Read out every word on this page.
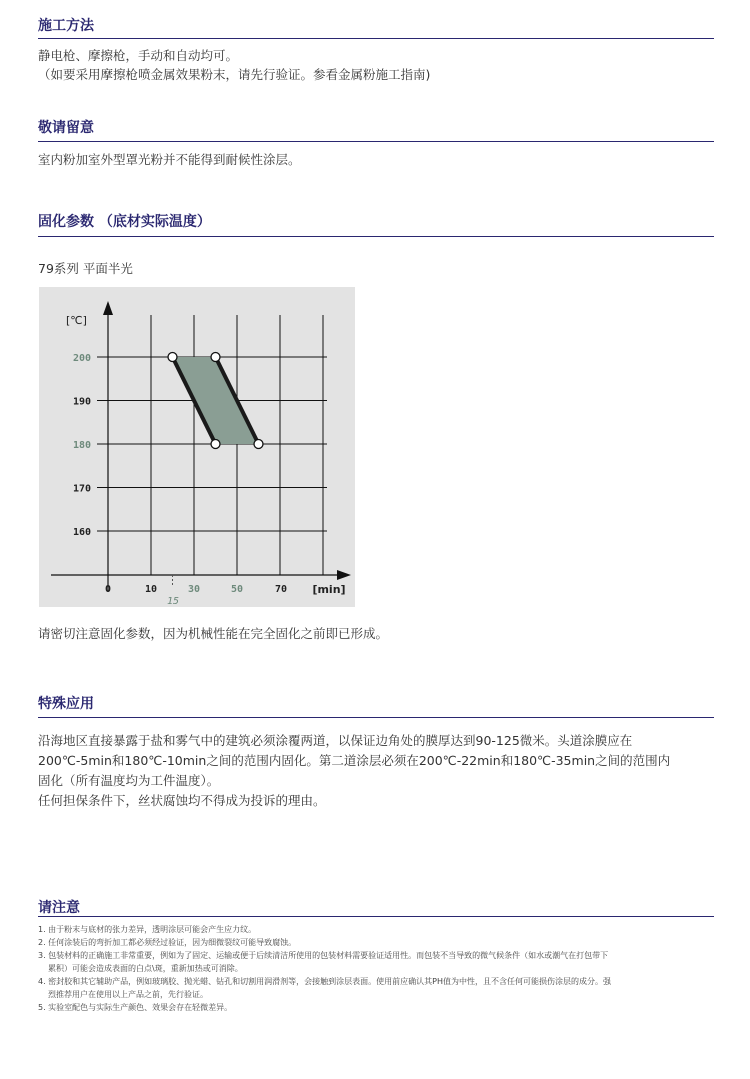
施工方法
静电枪、摩擦枪，手动和自动均可。
（如要采用摩擦枪喷金属效果粉末，请先行验证。参看金属粉施工指南)
敬请留意
室内粉加室外型罩光粉并不能得到耐候性涂层。
固化参数 （底材实际温度）
79系列 平面半光
160
170
180
190
200
[℃]
0	10
15
30	50	70 [min]
请密切注意固化参数，因为机械性能在完全固化之前即已形成。
特殊应用
沿海地区直接暴露于盐和雾气中的建筑必须涂覆两道，以保证边角处的膜厚达到90-125微米。头道涂膜应在
200℃-5min和180℃-10min之间的范围内固化。第二道涂层必须在200℃-22min和180℃-35min之间的范围内
固化（所有温度均为工件温度）。
任何担保条件下，丝状腐蚀均不得成为投诉的理由。
请注意
1. 由于粉末与底材的张力差异，透明涂层可能会产生应力纹。
2. 任何涂装后的弯折加工都必须经过验证，因为细微裂纹可能导致腐蚀。
3. 包装材料的正确施工非常重要，例如为了固定、运输或便于后续清洁所使用的包装材料需要验证适用性。而包装不当导致的微气候条件（如水或潮气在打包带下
累积）可能会造成表面的白点\斑，重新加热或可消除。
4. 密封胶和其它辅助产品，例如玻璃胶、抛光蜡、钻孔和切割用润滑剂等，会接触到涂层表面。使用前应确认其PH值为中性，且不含任何可能损伤涂层的成分。强
烈推荐用户在使用以上产品之前，先行验证。
5. 实验室配色与实际生产颜色、效果会存在轻微差异。
